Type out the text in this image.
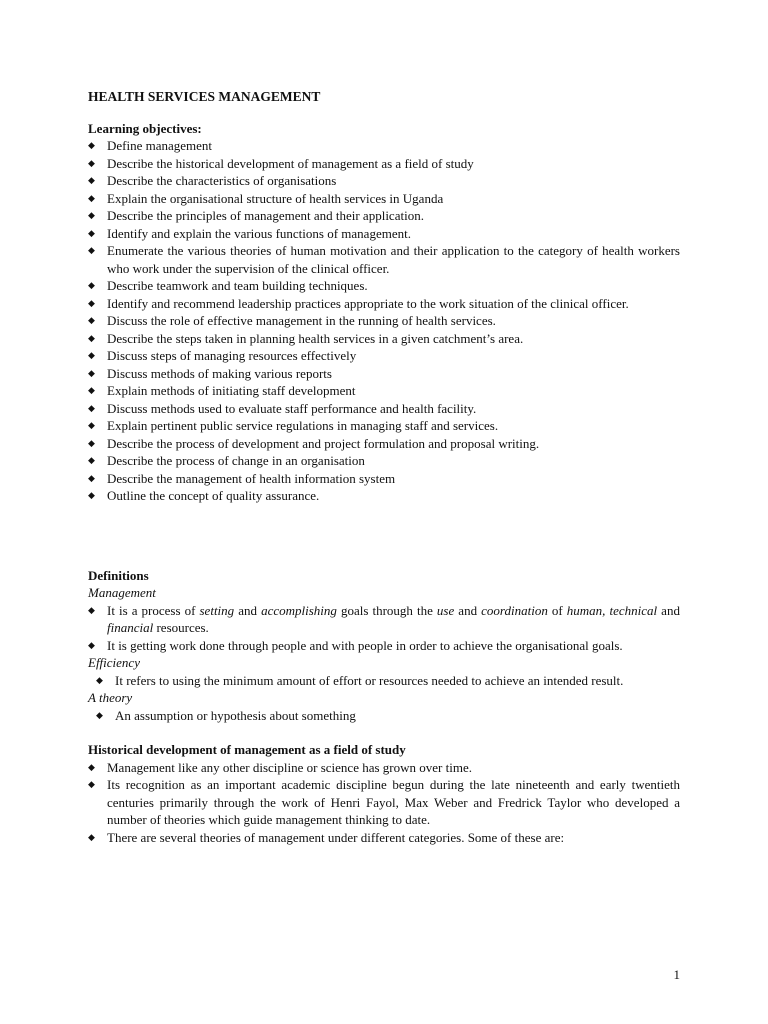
HEALTH SERVICES MANAGEMENT
Learning objectives:
◆ Define management
◆ Describe the historical development of management as a field of study
◆ Describe the characteristics of organisations
◆ Explain the organisational structure of health services in Uganda
◆ Describe the principles of management and their application.
◆ Identify and explain the various functions of management.
◆ Enumerate the various theories of human motivation and their application to the category of health workers who work under the supervision of the clinical officer.
◆ Describe teamwork and team building techniques.
◆ Identify and recommend leadership practices appropriate to the work situation of the clinical officer.
◆ Discuss the role of effective management in the running of health services.
◆ Describe the steps taken in planning health services in a given catchment’s area.
◆ Discuss steps of managing resources effectively
◆ Discuss methods of making various reports
◆ Explain methods of initiating staff development
◆ Discuss methods used to evaluate staff performance and health facility.
◆ Explain pertinent public service regulations in managing staff and services.
◆ Describe the process of development and project formulation and proposal writing.
◆ Describe the process of change in an organisation
◆ Describe the management of health information system
◆ Outline the concept of quality assurance.
Definitions
Management
◆ It is a process of setting and accomplishing goals through the use and coordination of human, technical and financial resources.
◆ It is getting work done through people and with people in order to achieve the organisational goals.
Efficiency
◆ It refers to using the minimum amount of effort or resources needed to achieve an intended result.
A theory
◆ An assumption or hypothesis about something
Historical development of management as a field of study
◆ Management like any other discipline or science has grown over time.
◆ Its recognition as an important academic discipline begun during the late nineteenth and early twentieth centuries primarily through the work of Henri Fayol, Max Weber and Fredrick Taylor who developed a number of theories which guide management thinking to date.
◆ There are several theories of management under different categories. Some of these are:
1
